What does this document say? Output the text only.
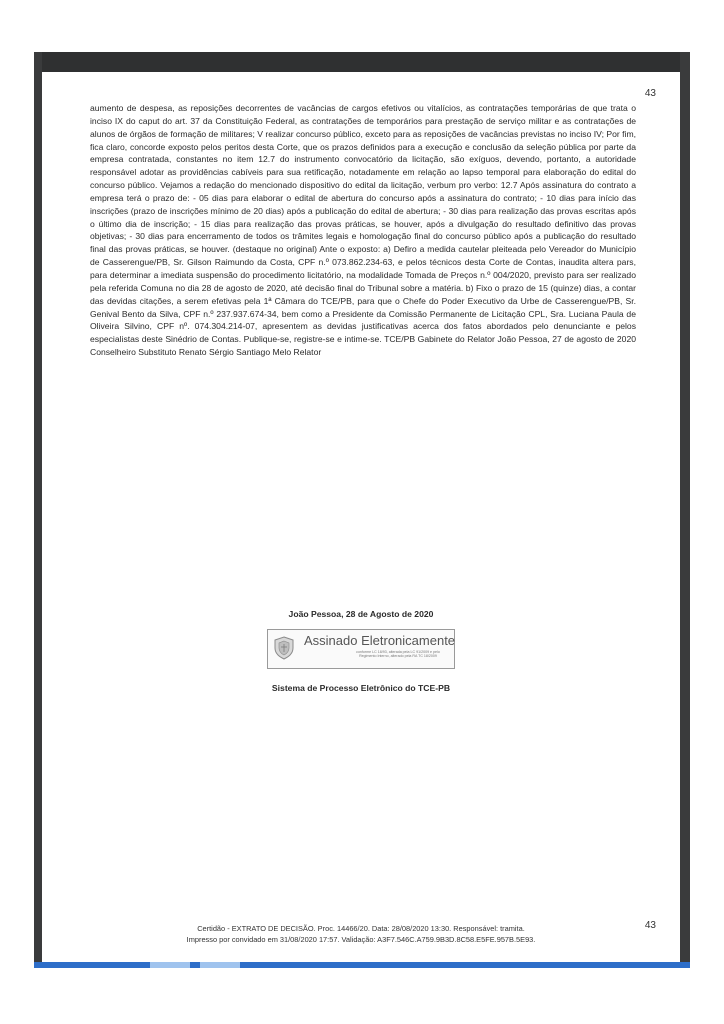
43

aumento de despesa, as reposições decorrentes de vacâncias de cargos efetivos ou vitalícios, as contratações temporárias de que trata o inciso IX do caput do art. 37 da Constituição Federal, as contratações de temporários para prestação de serviço militar e as contratações de alunos de órgãos de formação de militares; V realizar concurso público, exceto para as reposições de vacâncias previstas no inciso IV; Por fim, fica claro, concorde exposto pelos peritos desta Corte, que os prazos definidos para a execução e conclusão da seleção pública por parte da empresa contratada, constantes no item 12.7 do instrumento convocatório da licitação, são exíguos, devendo, portanto, a autoridade responsável adotar as providências cabíveis para sua retificação, notadamente em relação ao lapso temporal para elaboração do edital do concurso público. Vejamos a redação do mencionado dispositivo do edital da licitação, verbum pro verbo: 12.7 Após assinatura do contrato a empresa terá o prazo de: - 05 dias para elaborar o edital de abertura do concurso após a assinatura do contrato; - 10 dias para início das inscrições (prazo de inscrições mínimo de 20 dias) após a publicação do edital de abertura; - 30 dias para realização das provas escritas após o último dia de inscrição; - 15 dias para realização das provas práticas, se houver, após a divulgação do resultado definitivo das provas objetivas; - 30 dias para encerramento de todos os trâmites legais e homologação final do concurso público após a publicação do resultado final das provas práticas, se houver. (destaque no original) Ante o exposto: a) Defiro a medida cautelar pleiteada pelo Vereador do Município de Casserengue/PB, Sr. Gilson Raimundo da Costa, CPF n.º 073.862.234-63, e pelos técnicos desta Corte de Contas, inaudita altera pars, para determinar a imediata suspensão do procedimento licitatório, na modalidade Tomada de Preços n.º 004/2020, previsto para ser realizado pela referida Comuna no dia 28 de agosto de 2020, até decisão final do Tribunal sobre a matéria. b) Fixo o prazo de 15 (quinze) dias, a contar das devidas citações, a serem efetivas pela 1ª Câmara do TCE/PB, para que o Chefe do Poder Executivo da Urbe de Casserengue/PB, Sr. Genival Bento da Silva, CPF n.º 237.937.674-34, bem como a Presidente da Comissão Permanente de Licitação CPL, Sra. Luciana Paula de Oliveira Silvino, CPF nº. 074.304.214-07, apresentem as devidas justificativas acerca dos fatos abordados pelo denunciante e pelos especialistas deste Sinédrio de Contas. Publique-se, registre-se e intime-se. TCE/PB Gabinete do Relator João Pessoa, 27 de agosto de 2020 Conselheiro Substituto Renato Sérgio Santiago Melo Relator

João Pessoa, 28 de Agosto de 2020

Assinado Eletronicamente

conforme LC 18/93, alterada pela LC 91/2009 e pelo Regimento Interno, alterado pela RA TC 18/2009

Sistema de Processo Eletrônico do TCE-PB

Certidão - EXTRATO DE DECISÃO. Proc. 14466/20. Data: 28/08/2020 13:30. Responsável: tramita.

Impresso por convidado em 31/08/2020 17:57. Validação: A3F7.546C.A759.9B3D.8C58.E5FE.957B.5E93.

43
